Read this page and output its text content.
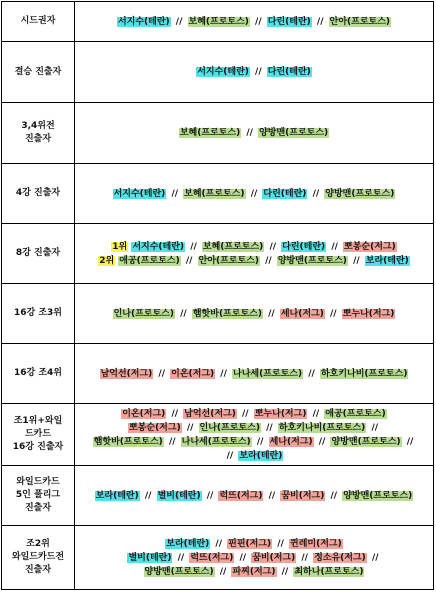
시드권자	서지수(테란) // 보혜(프로토스) // 다린(테란) // 안아(프로토스)

결승 진출자	서지수(테란) // 다린(테란)

3,4위전
진출자	보혜(프로토스) // 양방맨(프로토스)

4강 진출자	서지수(테란) // 보혜(프로토스) // 다린(테란) // 양방맨(프로토스)

8강 진출자	1위 서지수(테란) // 보혜(프로토스) // 다린(테란) // 뽀봉순(저그)
2위 애공(프로토스) // 안아(프로토스) // 양방맨(프로토스) // 보라(테란)

16강 조3위	인나(프로토스) // 햄핫바(프로토스) // 세나(저그) // 뽀누나(저그)

16강 조4위	남억선(저그) // 이온(저그) // 나나세(프로토스) // 하호키나비(프로토스)

조1위+와일
드카드
16강 진출자	이온(저그) // 남억선(저그) // 뽀누나(저그) // 애공(프로토스)
뽀봉순(저그) // 인나(프로토스) // 하호키나비(프로토스) //
햄핫바(프로토스) // 나나세(프로토스) // 세나(저그) // 양방맨(프로토스) //
// 보라(테란)

와일드카드
5인 풀리그
진출자	보라(테란) // 별비(테란) // 럭뜨(저그) // 꿈비(저그) // 양방맨(프로토스)

조2위
와일드카드전
진출자	보라(테란) // 핀핀(저그) // 퀸레미(저그)
별비(테란) // 럭뜨(저그) // 꿈비(저그) // 정소유(저그) //
양방맨(프로토스) // 파찌(저그) // 최하나(프로토스)
